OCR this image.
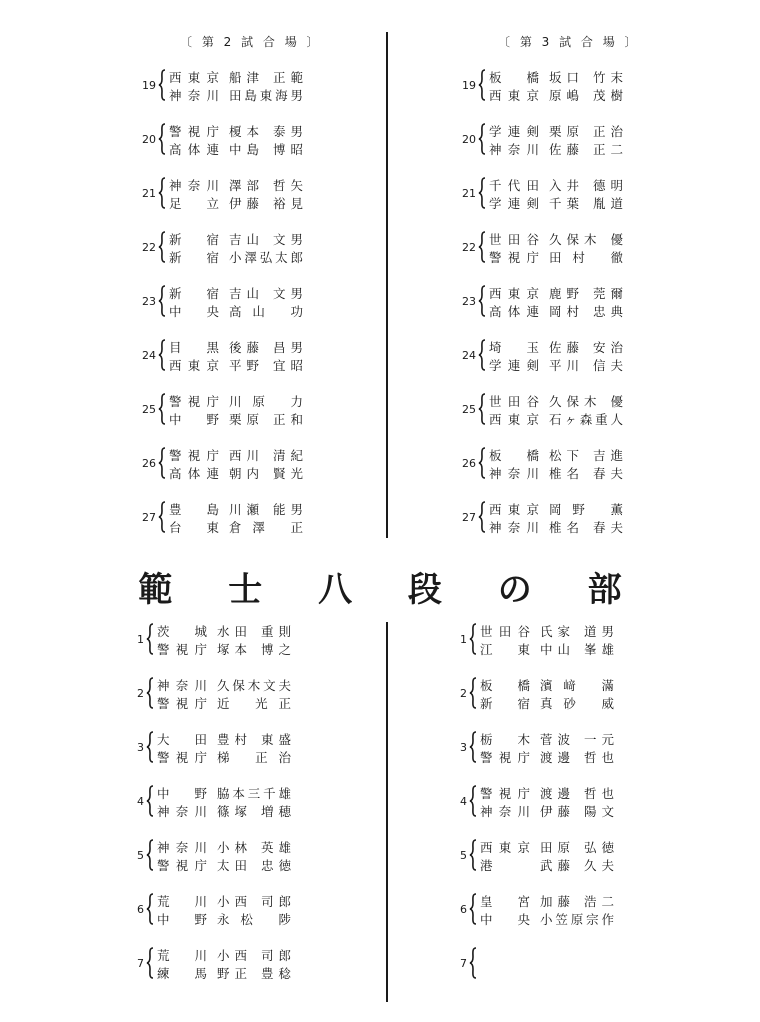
〔 第 2 試 合 場 〕	〔 第 3 試 合 場 〕
範 士 八 段 の 部
19
西東京 船津 正範
神奈川 田島東海男
20
警視庁 榎本 泰男
高体連 中島 博昭
21
神奈川 澤部 哲矢
足 立 伊藤 裕見
22
新 宿 吉山 文男
新 宿 小澤弘太郎
23
新 宿 吉山 文男
中 央 高山 功
24
目 黒 後藤 昌男
西東京 平野 宜昭
25
警視庁 川原 力
中 野 栗原 正和
26
警視庁 西川 清紀
高体連 朝内 賢光
27
豊 島 川瀬 能男
台 東 倉澤 正
19
板 橋 坂口 竹末
西東京 原嶋 茂樹
20
学連剣 栗原 正治
神奈川 佐藤 正二
21
千代田 入井 德明
学連剣 千葉 胤道
22
世田谷 久保木 優
警視庁 田村 徹
23
西東京 鹿野 莞爾
高体連 岡村 忠典
24
埼 玉 佐藤 安治
学連剣 平川 信夫
25
世田谷 久保木 優
西東京 石ヶ森重人
26
板 橋 松下 吉進
神奈川 椎名 春夫
27
西東京 岡野 薫
神奈川 椎名 春夫
1
茨 城 水田 重則
警視庁 塚本 博之
2
神奈川 久保木文夫
警視庁 近 光正
3
大 田 豊村 東盛
警視庁 梯 正治
4
中 野 脇本三千雄
神奈川 篠塚 増穂
5
神奈川 小林 英雄
警視庁 太田 忠徳
6
荒 川 小西 司郎
中 野 永松 陟
7
荒 川 小西 司郎
練 馬 野正 豊稔
1
世田谷 氏家 道男
江 東 中山 峯雄
2
板 橋 濱﨑 滿
新 宿 真砂 威
3
栃 木 菅波 一元
警視庁 渡邊 哲也
4
警視庁 渡邊 哲也
神奈川 伊藤 陽文
5
西東京 田原 弘徳
港	武藤 久夫
6
皇 宮 加藤 浩二
中 央 小笠原宗作
7
